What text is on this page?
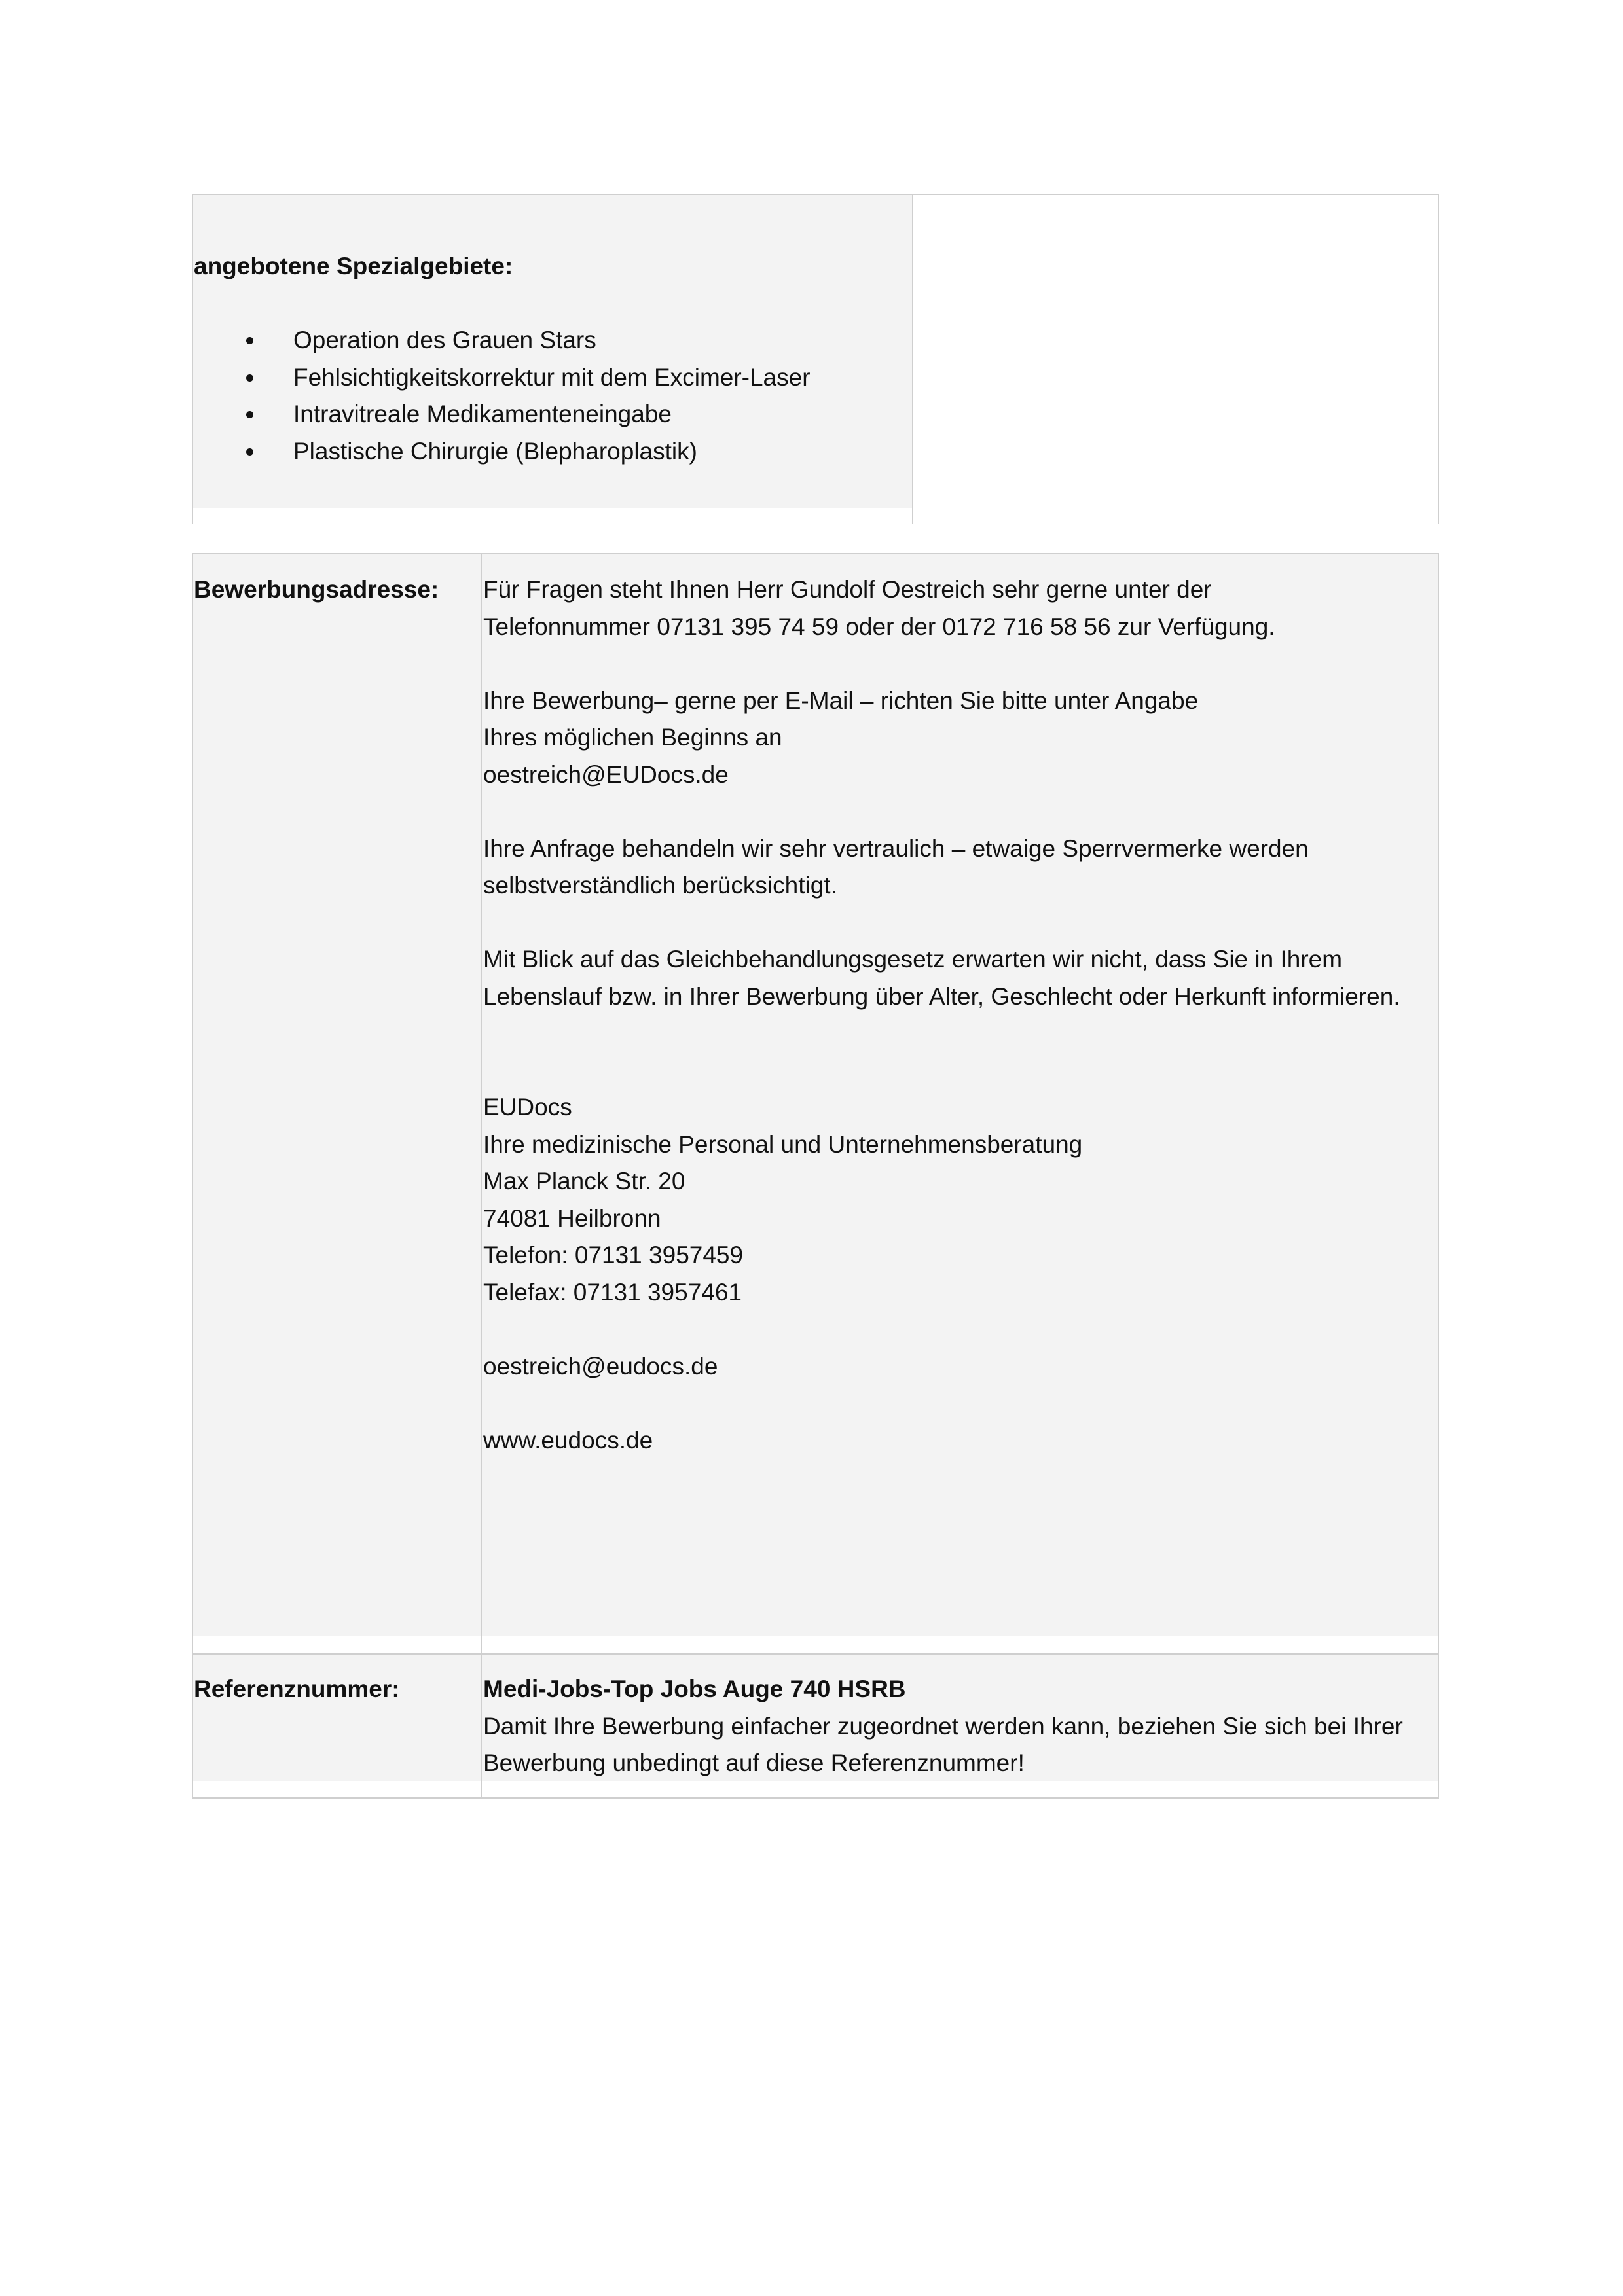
angebotene Spezialgebiete:
Operation des Grauen Stars
Fehlsichtigkeitskorrektur mit dem Excimer-Laser
Intravitreale Medikamenteneingabe
Plastische Chirurgie (Blepharoplastik)
Bewerbungsadresse:
Referenznummer:

Für Fragen steht Ihnen Herr Gundolf Oestreich sehr gerne unter der

Telefonnummer 07131 395 74 59 oder der 0172 716 58 56 zur Verfügung.

Ihre Bewerbung– gerne per E-Mail – richten Sie bitte unter Angabe

Ihres möglichen Beginns an

oestreich@EUDocs.de

Ihre Anfrage behandeln wir sehr vertraulich – etwaige Sperrvermerke werden

selbstverständlich berücksichtigt.

Mit Blick auf das Gleichbehandlungsgesetz erwarten wir nicht, dass Sie in Ihrem

Lebenslauf bzw. in Ihrer Bewerbung über Alter, Geschlecht oder Herkunft informieren.

EUDocs

Ihre medizinische Personal und Unternehmensberatung

Max Planck Str. 20

74081 Heilbronn

Telefon: 07131 3957459

Telefax: 07131 3957461

oestreich@eudocs.de

www.eudocs.de

Medi-Jobs-Top Jobs Auge 740 HSRB

Damit Ihre Bewerbung einfacher zugeordnet werden kann, beziehen Sie sich bei Ihrer

Bewerbung unbedingt auf diese Referenznummer!
